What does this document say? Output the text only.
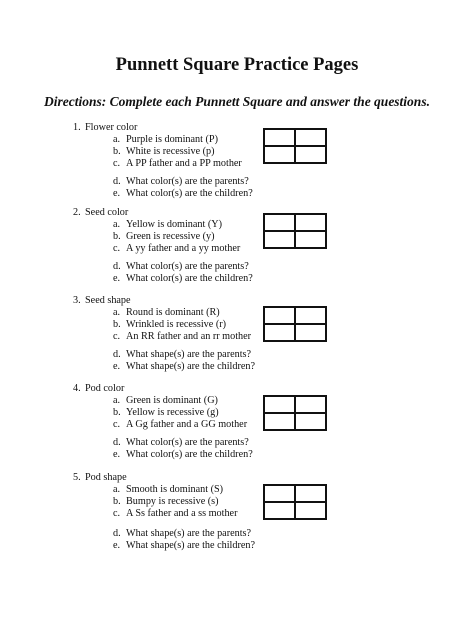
Punnett Square Practice Pages

Directions: Complete each Punnett Square and answer the questions.

1. Flower color
a. Purple is dominant (P)
b. White is recessive (p)
c. A PP father and a PP mother
d. What color(s) are the parents?
e. What color(s) are the children?
2. Seed color
a. Yellow is dominant (Y)
b. Green is recessive (y)
c. A yy father and a yy mother
d. What color(s) are the parents?
e. What color(s) are the children?
3. Seed shape
a. Round is dominant (R)
b. Wrinkled is recessive (r)
c. An RR father and an rr mother
d. What shape(s) are the parents?
e. What shape(s) are the children?
4. Pod color
a. Green is dominant (G)
b. Yellow is recessive (g)
c. A Gg father and a GG mother
d. What color(s) are the parents?
e. What color(s) are the children?
5. Pod shape
a. Smooth is dominant (S)
b. Bumpy is recessive (s)
c. A Ss father and a ss mother
d. What shape(s) are the parents?
e. What shape(s) are the children?
